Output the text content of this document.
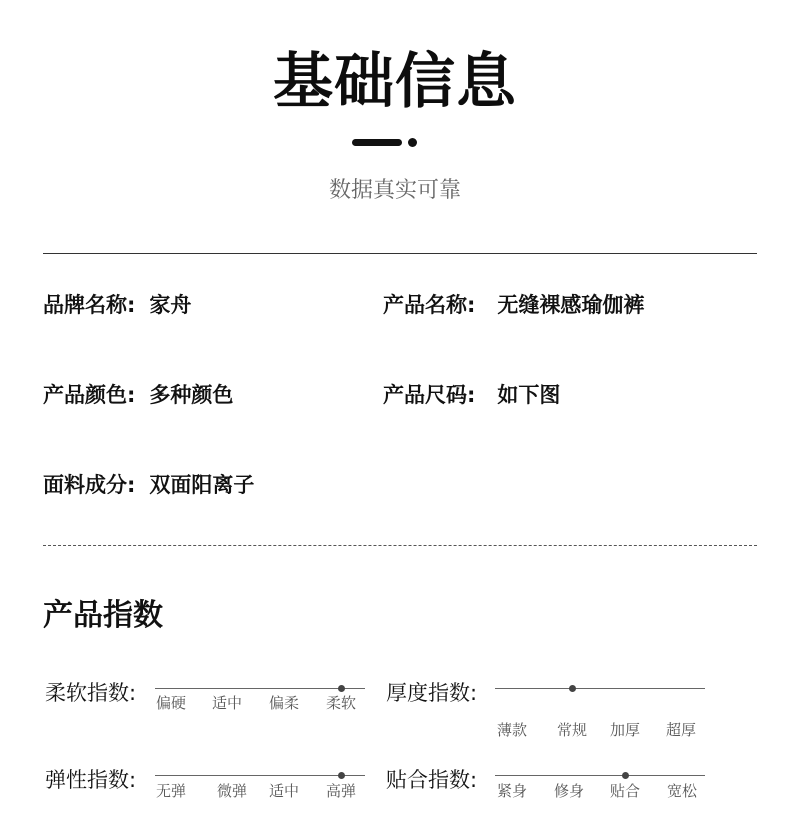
基础信息
数据真实可靠
品牌名称: 家舟	产品名称: 无缝裸感瑜伽裤
产品颜色: 多种颜色	产品尺码: 如下图
面料成分: 双面阳离子
产品指数
柔软指数: 偏硬 适中 偏柔 柔软 厚度指数:
薄款 常规 加厚 超厚
弹性指数: 无弹 微弹 适中 高弹 贴合指数: 紧身 修身 贴合 宽松
